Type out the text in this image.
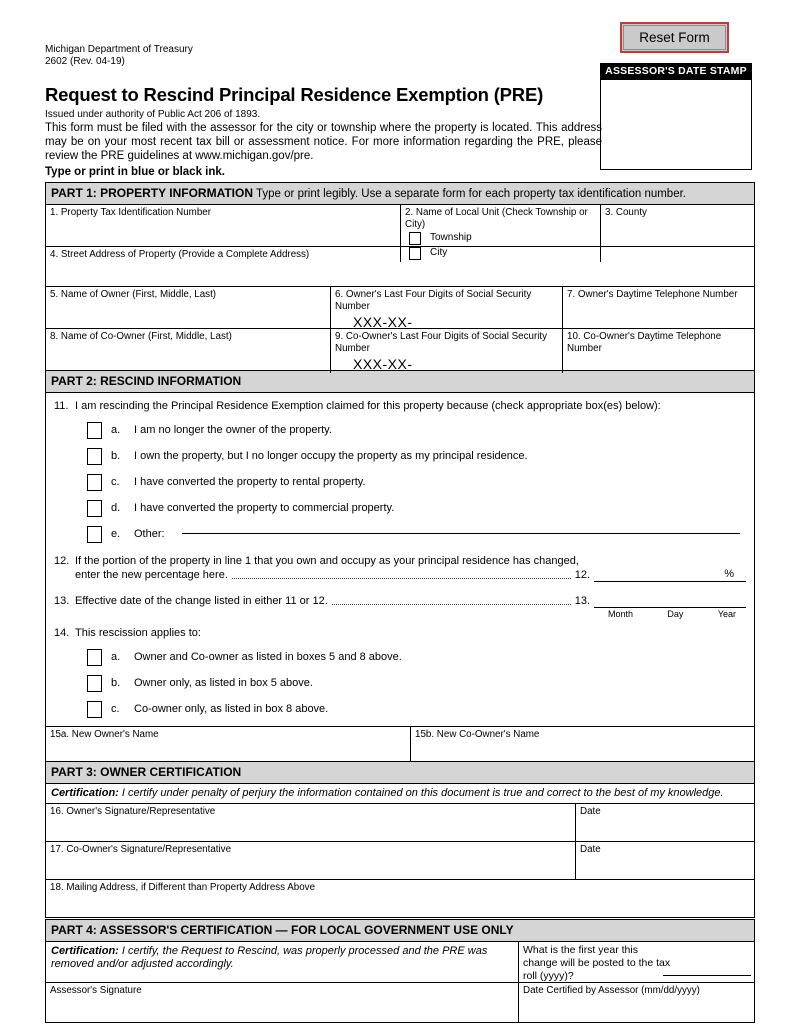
Michigan Department of Treasury
2602 (Rev. 04-19)
Reset Form
ASSESSOR'S DATE STAMP
Request to Rescind Principal Residence Exemption (PRE)
Issued under authority of Public Act 206 of 1893.

This form must be filed with the assessor for the city or township where the property is located. This address may be on your most recent tax bill or assessment notice. For more information regarding the PRE, please review the PRE guidelines at www.michigan.gov/pre.

Type or print in blue or black ink.
PART 1: PROPERTY INFORMATION Type or print legibly. Use a separate form for each property tax identification number.
1. Property Tax Identification Number	2. Name of Local Unit (Check Township or City)
Township
City
3. County
4. Street Address of Property (Provide a Complete Address)
5. Name of Owner (First, Middle, Last)	6. Owner's Last Four Digits of Social Security Number
XXX-XX-
7. Owner's Daytime Telephone Number
8. Name of Co-Owner (First, Middle, Last)	9. Co-Owner's Last Four Digits of Social Security Number
XXX-XX-
10. Co-Owner's Daytime Telephone Number
PART 2: RESCIND INFORMATION
11. I am rescinding the Principal Residence Exemption claimed for this property because (check appropriate box(es) below):
a.	I am no longer the owner of the property.
b.	I own the property, but I no longer occupy the property as my principal residence.
c.	I have converted the property to rental property.
d.	I have converted the property to commercial property.
e.	Other:
12. If the portion of the property in line 1 that you own and occupy as your principal residence has changed,
enter the new percentage here.	12.	%
13. Effective date of the change listed in either 11 or 12.	13.
Month	Day	Year
14. This rescission applies to:
a.	Owner and Co-owner as listed in boxes 5 and 8 above.
b.	Owner only, as listed in box 5 above.
c.	Co-owner only, as listed in box 8 above.
15a. New Owner's Name	15b. New Co-Owner's Name
PART 3: OWNER CERTIFICATION
Certification: I certify under penalty of perjury the information contained on this document is true and correct to the best of my knowledge.
16. Owner's Signature/Representative	Date
17. Co-Owner's Signature/Representative	Date
18. Mailing Address, if Different than Property Address Above
PART 4: ASSESSOR'S CERTIFICATION — FOR LOCAL GOVERNMENT USE ONLY
Certification: I certify, the Request to Rescind, was properly processed and the PRE was removed and/or adjusted accordingly.
What is the first year this change will be posted to the tax roll (yyyy)?
Assessor's Signature	Date Certified by Assessor (mm/dd/yyyy)
